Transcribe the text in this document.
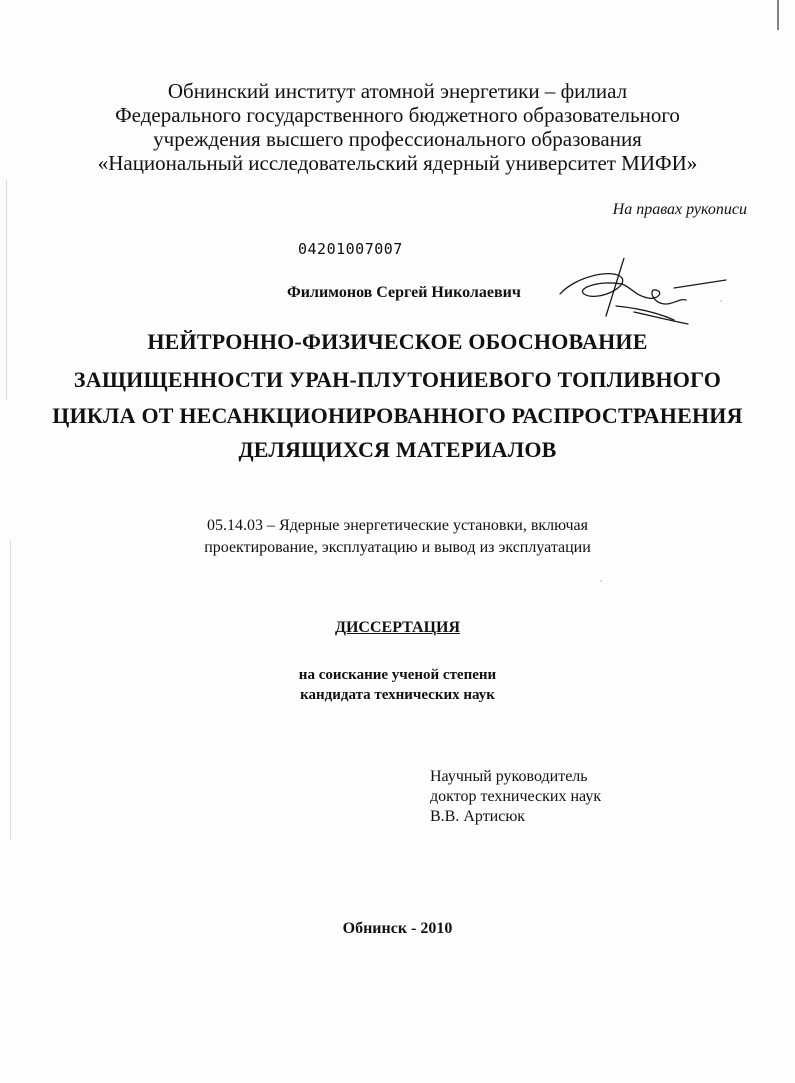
Обнинский институт атомной энергетики – филиал
Федерального государственного бюджетного образовательного
учреждения высшего профессионального образования
«Национальный исследовательский ядерный университет МИФИ»
На правах рукописи
04201007007
Филимонов Сергей Николаевич
НЕЙТРОННО-ФИЗИЧЕСКОЕ ОБОСНОВАНИЕ
ЗАЩИЩЕННОСТИ УРАН-ПЛУТОНИЕВОГО ТОПЛИВНОГО
ЦИКЛА ОТ НЕСАНКЦИОНИРОВАННОГО РАСПРОСТРАНЕНИЯ
ДЕЛЯЩИХСЯ МАТЕРИАЛОВ
05.14.03 – Ядерные энергетические установки, включая
проектирование, эксплуатацию и вывод из эксплуатации
ДИССЕРТАЦИЯ
на соискание ученой степени
кандидата технических наук
Научный руководитель
доктор технических наук
В.В. Артисюк
Обнинск - 2010
